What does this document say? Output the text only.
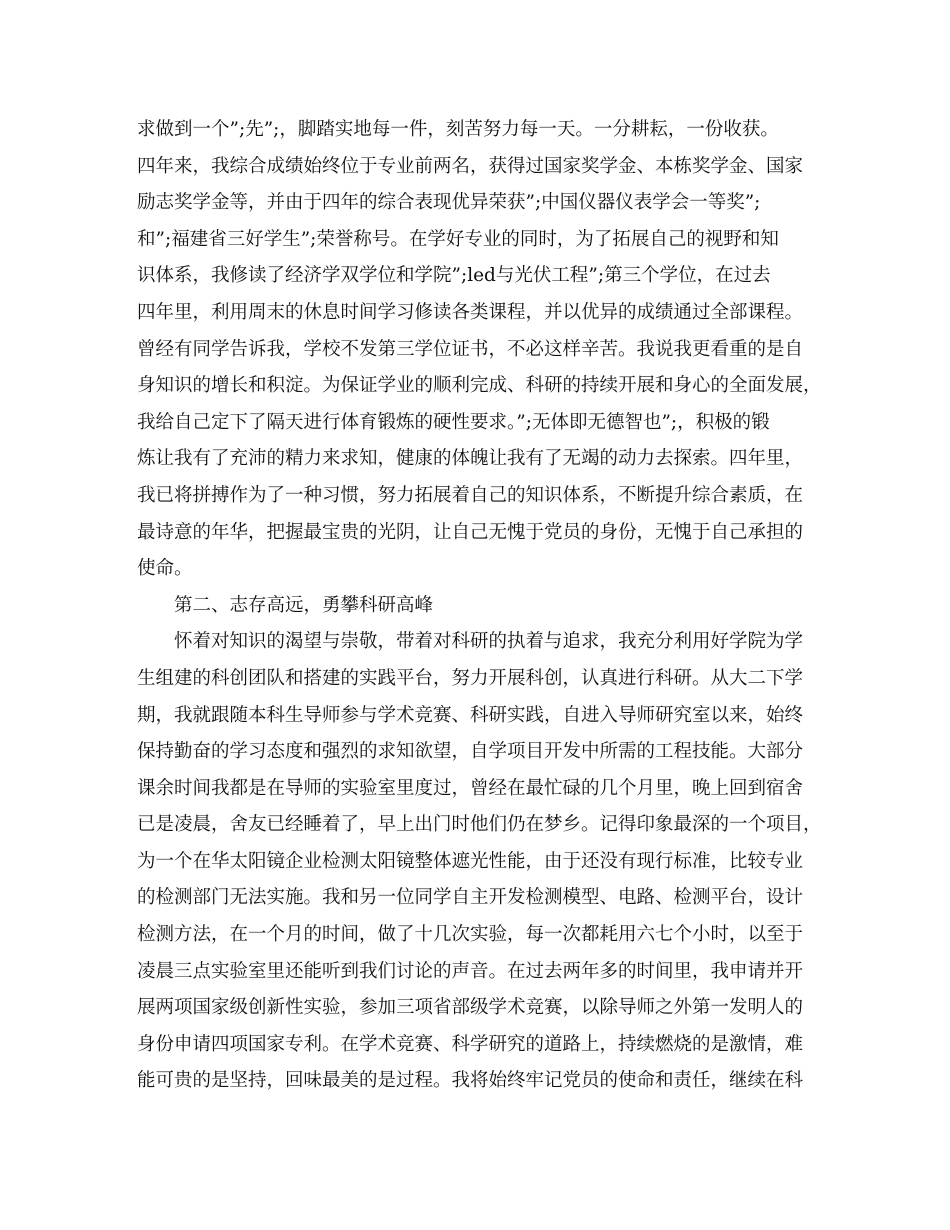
求做到一个”;先”;，脚踏实地每一件，刻苦努力每一天。一分耕耘，一份收获。
四年来，我综合成绩始终位于专业前两名，获得过国家奖学金、本栋奖学金、国家
励志奖学金等，并由于四年的综合表现优异荣获”;中国仪器仪表学会一等奖”;
和”;福建省三好学生”;荣誉称号。在学好专业的同时，为了拓展自己的视野和知
识体系，我修读了经济学双学位和学院”;led与光伏工程”;第三个学位，在过去
四年里，利用周末的休息时间学习修读各类课程，并以优异的成绩通过全部课程。
曾经有同学告诉我，学校不发第三学位证书，不必这样辛苦。我说我更看重的是自
身知识的增长和积淀。为保证学业的顺利完成、科研的持续开展和身心的全面发展，
我给自己定下了隔天进行体育锻炼的硬性要求。”;无体即无德智也”;，积极的锻
炼让我有了充沛的精力来求知，健康的体魄让我有了无竭的动力去探索。四年里，
我已将拼搏作为了一种习惯，努力拓展着自己的知识体系，不断提升综合素质，在
最诗意的年华，把握最宝贵的光阴，让自己无愧于党员的身份，无愧于自己承担的
使命。
第二、志存高远，勇攀科研高峰
怀着对知识的渴望与崇敬，带着对科研的执着与追求，我充分利用好学院为学
生组建的科创团队和搭建的实践平台，努力开展科创，认真进行科研。从大二下学
期，我就跟随本科生导师参与学术竞赛、科研实践，自进入导师研究室以来，始终
保持勤奋的学习态度和强烈的求知欲望，自学项目开发中所需的工程技能。大部分
课余时间我都是在导师的实验室里度过，曾经在最忙碌的几个月里，晚上回到宿舍
已是凌晨，舍友已经睡着了，早上出门时他们仍在梦乡。记得印象最深的一个项目，
为一个在华太阳镜企业检测太阳镜整体遮光性能，由于还没有现行标准，比较专业
的检测部门无法实施。我和另一位同学自主开发检测模型、电路、检测平台，设计
检测方法，在一个月的时间，做了十几次实验，每一次都耗用六七个小时，以至于
凌晨三点实验室里还能听到我们讨论的声音。在过去两年多的时间里，我申请并开
展两项国家级创新性实验，参加三项省部级学术竞赛，以除导师之外第一发明人的
身份申请四项国家专利。在学术竞赛、科学研究的道路上，持续燃烧的是激情，难
能可贵的是坚持，回味最美的是过程。我将始终牢记党员的使命和责任，继续在科
